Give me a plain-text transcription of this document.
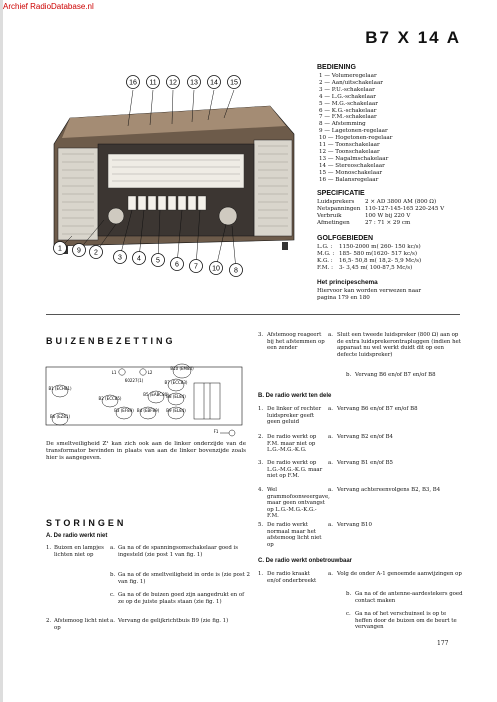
Archief RadioDatabase.nl
B7 X 14 A
16 11 12 13 14 15
1 9 2
3 4 5
6 7 10 8
BEDIENING
1 — Volumeregelaar
2 — Aan/uitschakelaar
3 — P.U.-schakelaar
4 — L.G.-schakelaar
5 — M.G.-schakelaar
6 — K.G.-schakelaar
7 — F.M.-schakelaar
8 — Afstemming
9 — Lagetonen-regelaar
10 — Hogetonen-regelaar
11 — Toonschakelaar
12 — Toonschakelaar
13 — Nagalmschakelaar
14 — Stereoschakelaar
15 — Monoschakelaar
16 — Balansregelaar
SPECIFICATIE
Luidsprekers 2 × AD 3800 AM (800 Ω)
Netspanningen 110-127-145-165 220-245 V
Verbruik	100 W bij 220 V
Afmetingen	27 : 71 × 29 cm
GOLFGEBIEDEN
L.G. : 1150-2000 m( 260- 150 kc/s)
M.G. : 185- 580 m(1620- 517 kc/s)
K.G. : 16,5- 50,8 m( 18,2- 5,9 Mc/s)
F.M. : 3- 3,45 m( 100-87,5 Mc/s)
Het principeschema
Hiervoor kan worden verwezen naar
pagina 179 en 180
BUIZENBEZETTING
B1 (ECH81)
B2 (ECC85)
B3 (EF89) B4 (EBF89)
B5 (EABC80)
B6 (EZ81)
B7 (ECC83)
B8 (EL84)
B9 (EL84)
B10 (EM84)
L1	L2
F1
60227(1)
De smeltveiligheid Z¹ kan zich ook aan de linker onderzijde van de transformator bevinden in plaats van aan de linker bovenzijde zoals hier is aangegeven.
STORINGEN
A. De radio werkt niet
1. Buizen en lampjes lichten niet op
a. Ga na of de spanningsomschakelaar goed is ingesteld (zie post 1 van fig. 1)
b. Ga na of de smeltveiligheid in orde is (zie post 2 van fig. 1)
c. Ga na of de buizen goed zijn aangedrukt en of ze op de juiste plaats staan (zie fig. 1)
2. Afstemoog licht niet op
a. Vervang de gelijkrichtbuis B9 (zie fig. 1)
3. Afstemoog reageert bij het afstemmen op een zender
a. Sluit een tweede luidspreker (800 Ω) aan op de extra luidsprekerontrapluggen (indien het apparaat nu wel werkt duidt dit op een defecte luidspreker)
b. Vervang B6 en/of B7 en/of B8
B. De radio werkt ten dele
1. De linker of rechter luidspreker geeft geen geluid
a. Vervang B6 en/of B7 en/of B8
2. De radio werkt op F.M. maar niet op L.G.-M.G.-K.G.
a. Vervang B2 en/of B4
3. De radio werkt op L.G.-M.G.-K.G. maar niet op F.M.
a. Vervang B1 en/of B5
4. Wel grammofoonweergave, maar geen ontvangst op L.G.-M.G.-K.G.-F.M.
a. Vervang achtereenvolgens B2, B3, B4
5. De radio werkt normaal maar het afstemoog licht niet op
a. Vervang B10
C. De radio werkt onbetrouwbaar
1. De radio kraakt en/of onderbreekt
a. Volg de onder A-1 genoemde aanwijzingen op
b. Ga na of de antenne-aardestekers goed contact maken
c. Ga na of het verschuinsel is op te heffen door de buizen om de beurt te vervangen
177
